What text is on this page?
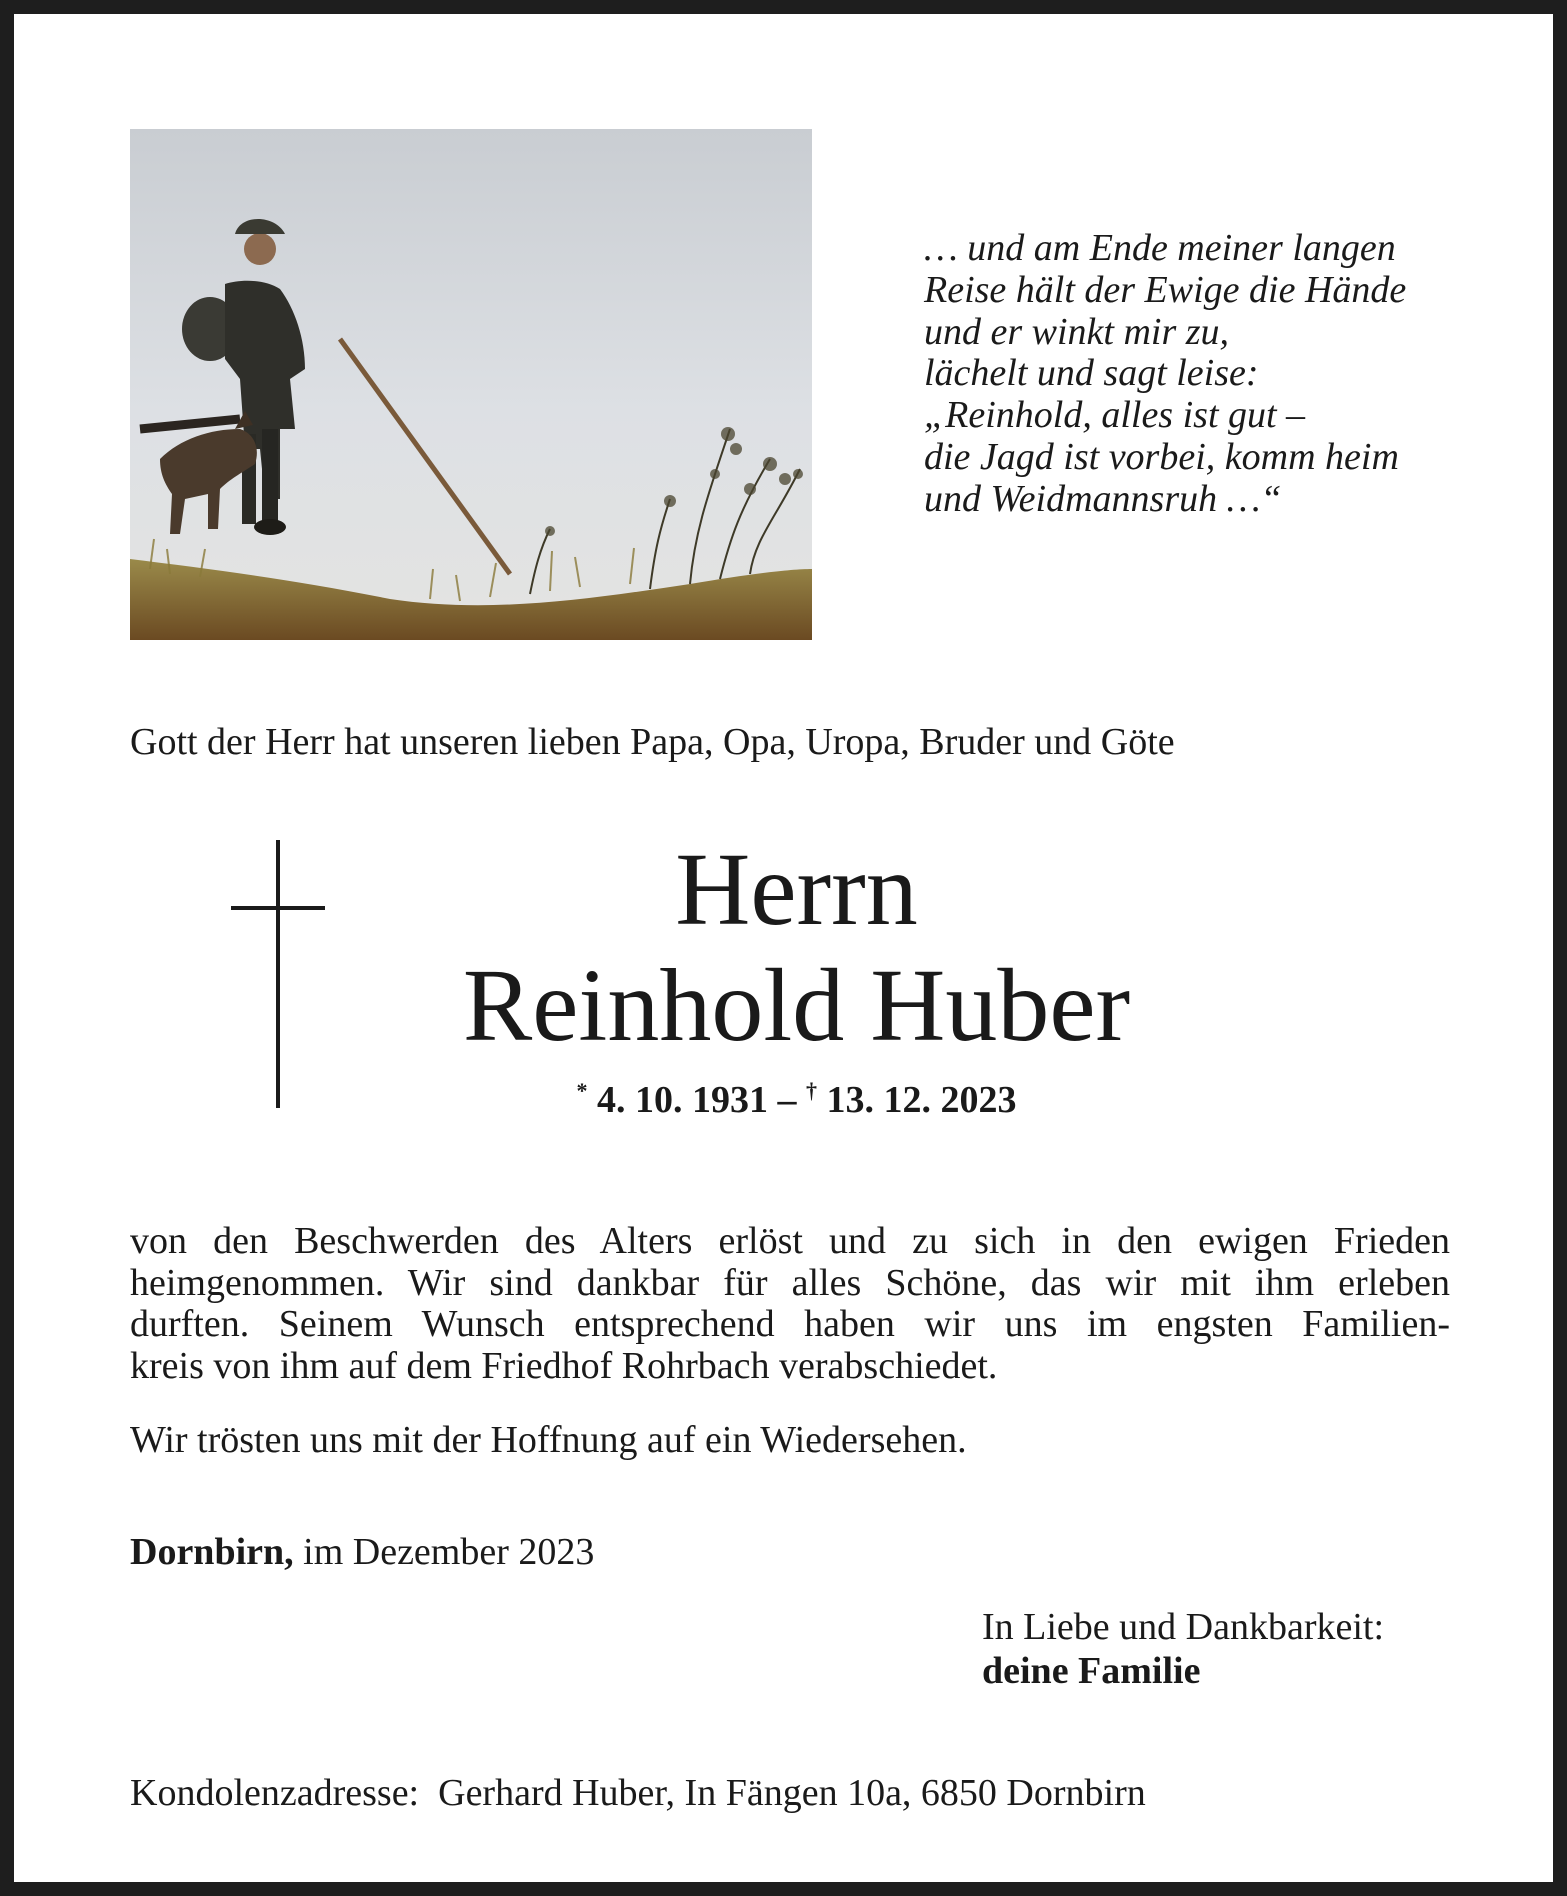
… und am Ende meiner langen
Reise hält der Ewige die Hände
und er winkt mir zu,
lächelt und sagt leise:
„Reinhold, alles ist gut –
die Jagd ist vorbei, komm heim
und Weidmannsruh …“
Gott der Herr hat unseren lieben Papa, Opa, Uropa, Bruder und Göte
Herrn
Reinhold Huber
* 4. 10. 1931 – † 13. 12. 2023
von den Beschwerden des Alters erlöst und zu sich in den ewigen Frieden
heimgenommen. Wir sind dankbar für alles Schöne, das wir mit ihm erleben
durften. Seinem Wunsch entsprechend haben wir uns im engsten Familien-
kreis von ihm auf dem Friedhof Rohrbach verabschiedet.
Wir trösten uns mit der Hoffnung auf ein Wiedersehen.
Dornbirn, im Dezember 2023
In Liebe und Dankbarkeit:
deine Familie
Kondolenzadresse: Gerhard Huber, In Fängen 10a, 6850 Dornbirn
